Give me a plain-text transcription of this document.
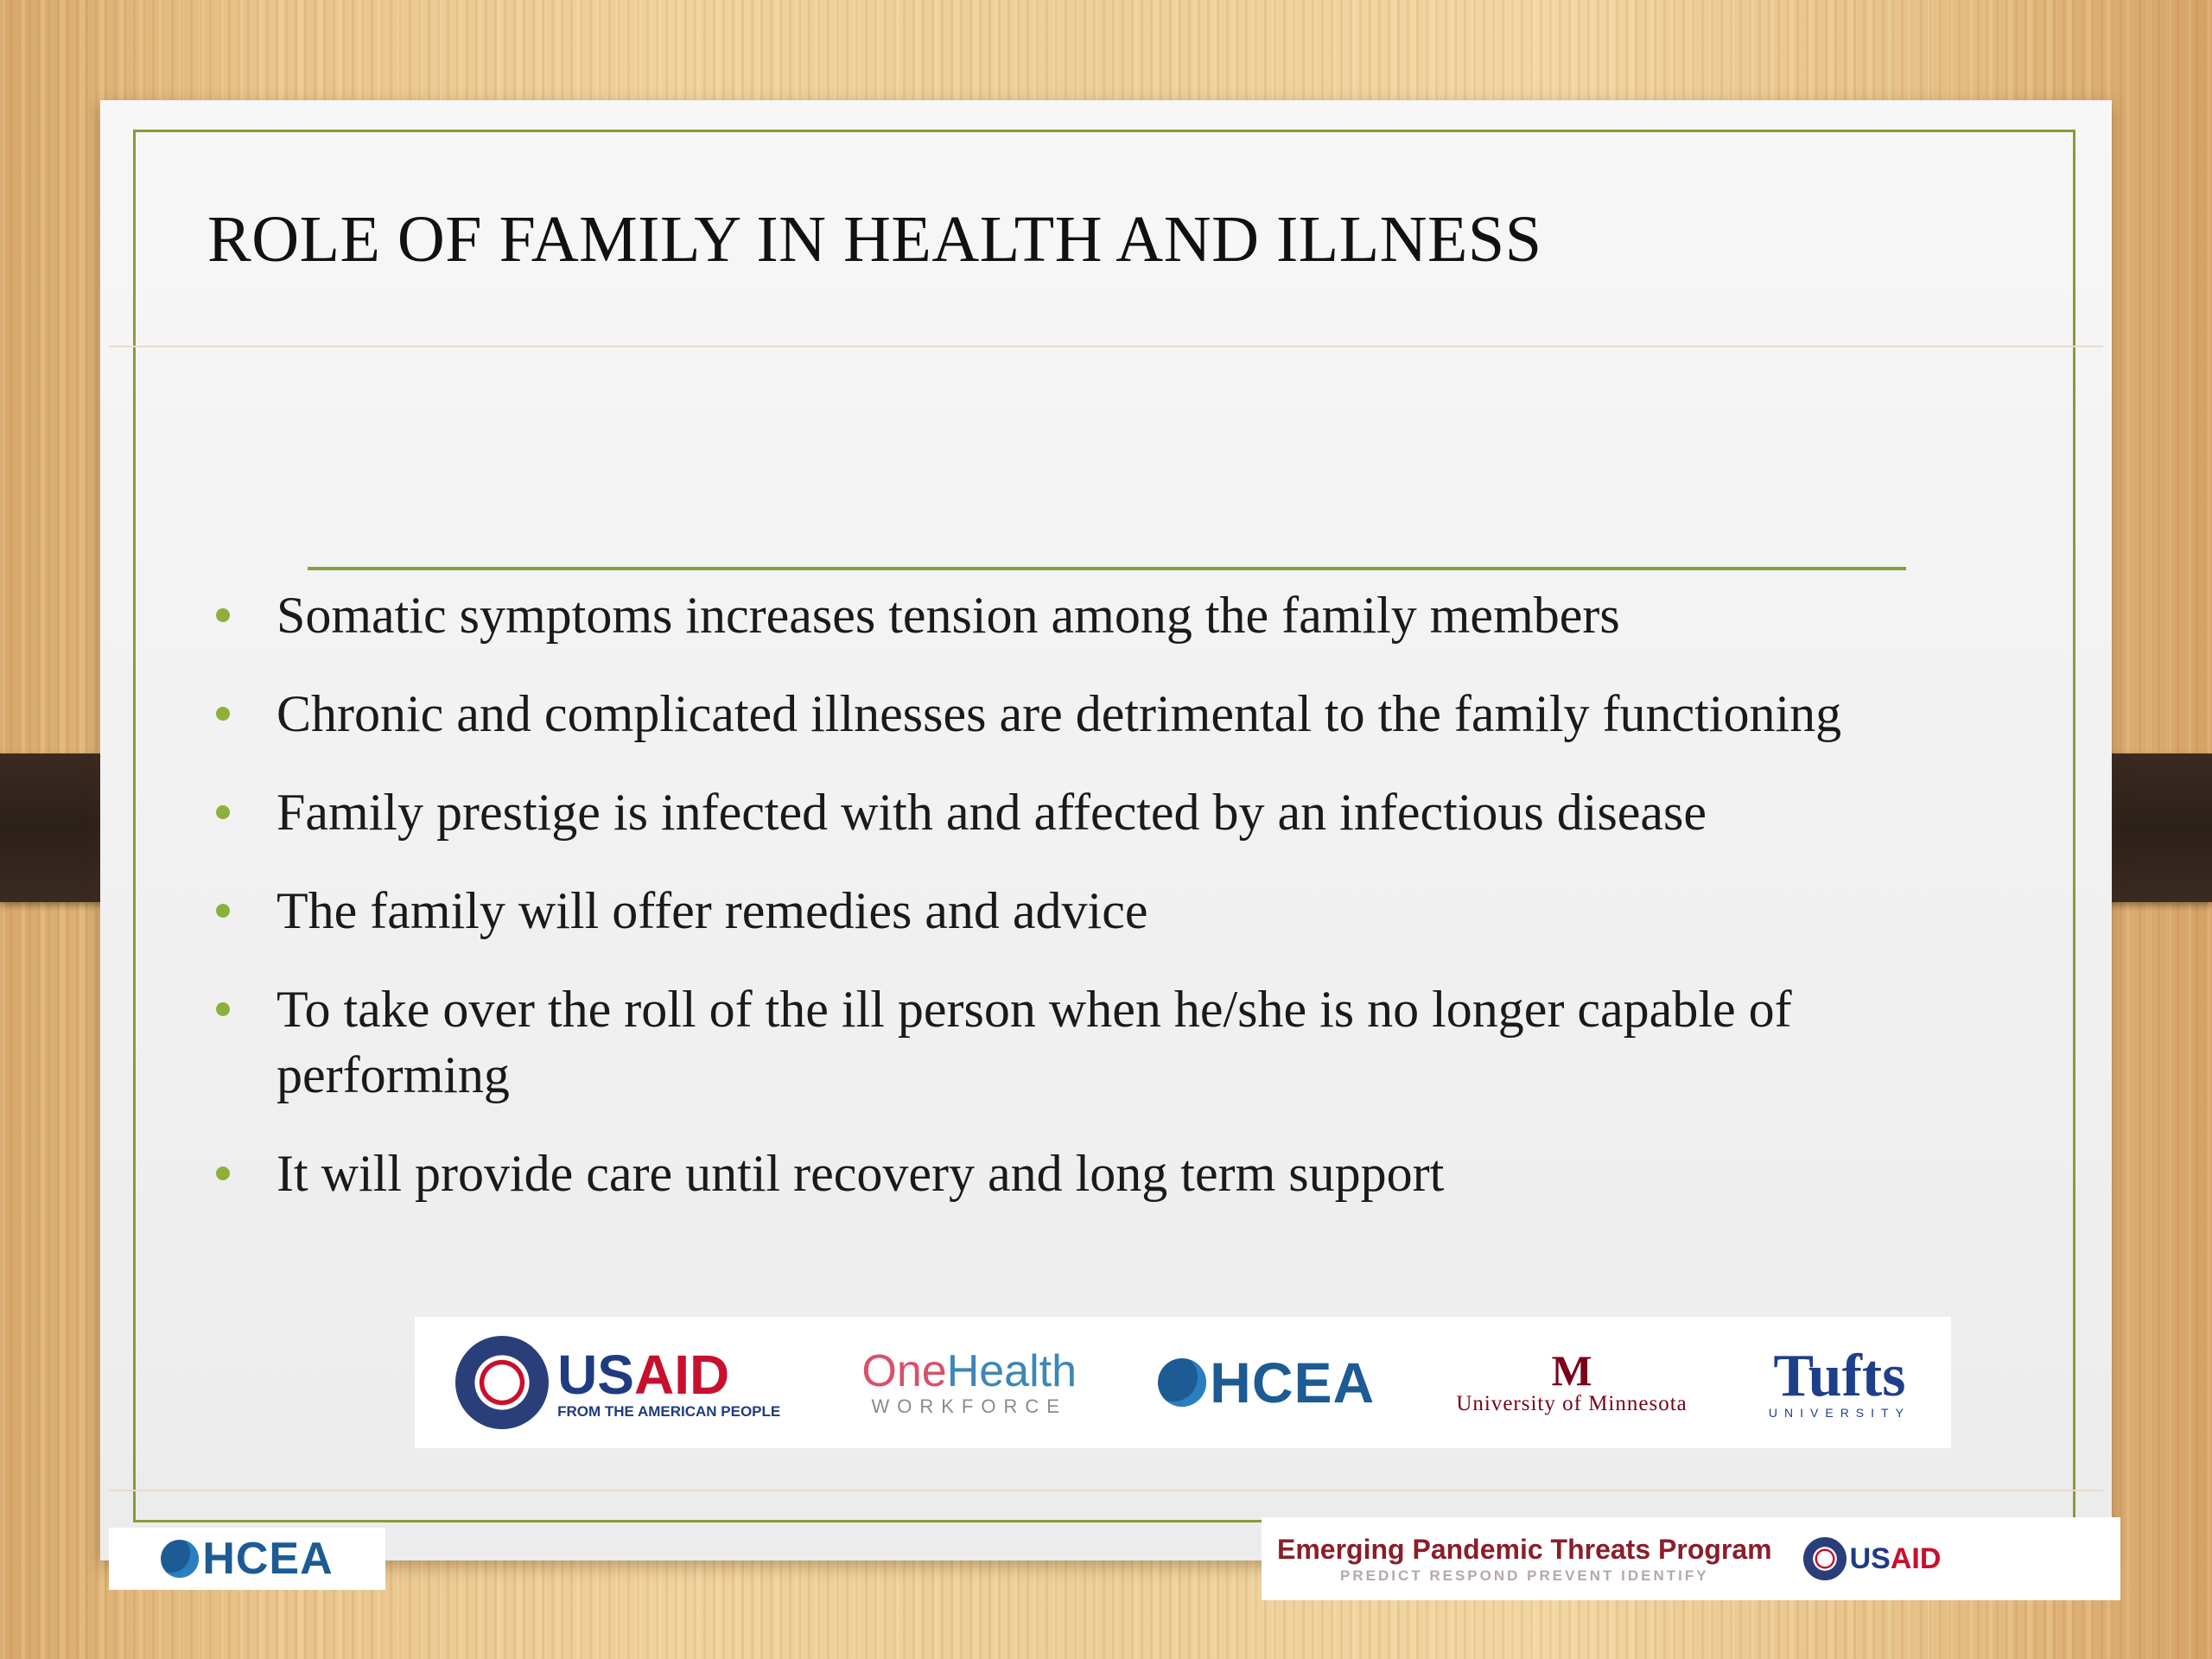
ROLE OF FAMILY IN HEALTH AND ILLNESS
Somatic symptoms increases tension among the family members
Chronic and complicated illnesses are detrimental to the family functioning
Family prestige is infected with and affected by an infectious disease
The family will offer remedies and advice
To take over the roll of the ill person when he/she is no longer capable of performing
It will provide care until recovery and long term support
USAID
FROM THE AMERICAN PEOPLE
OneHealth
WORKFORCE	HCEA	M
University of Minnesota Tufts
UNIVERSITY
HCEA	Emerging Pandemic Threats Program
PREDICT RESPOND PREVENT IDENTIFY	USAID
